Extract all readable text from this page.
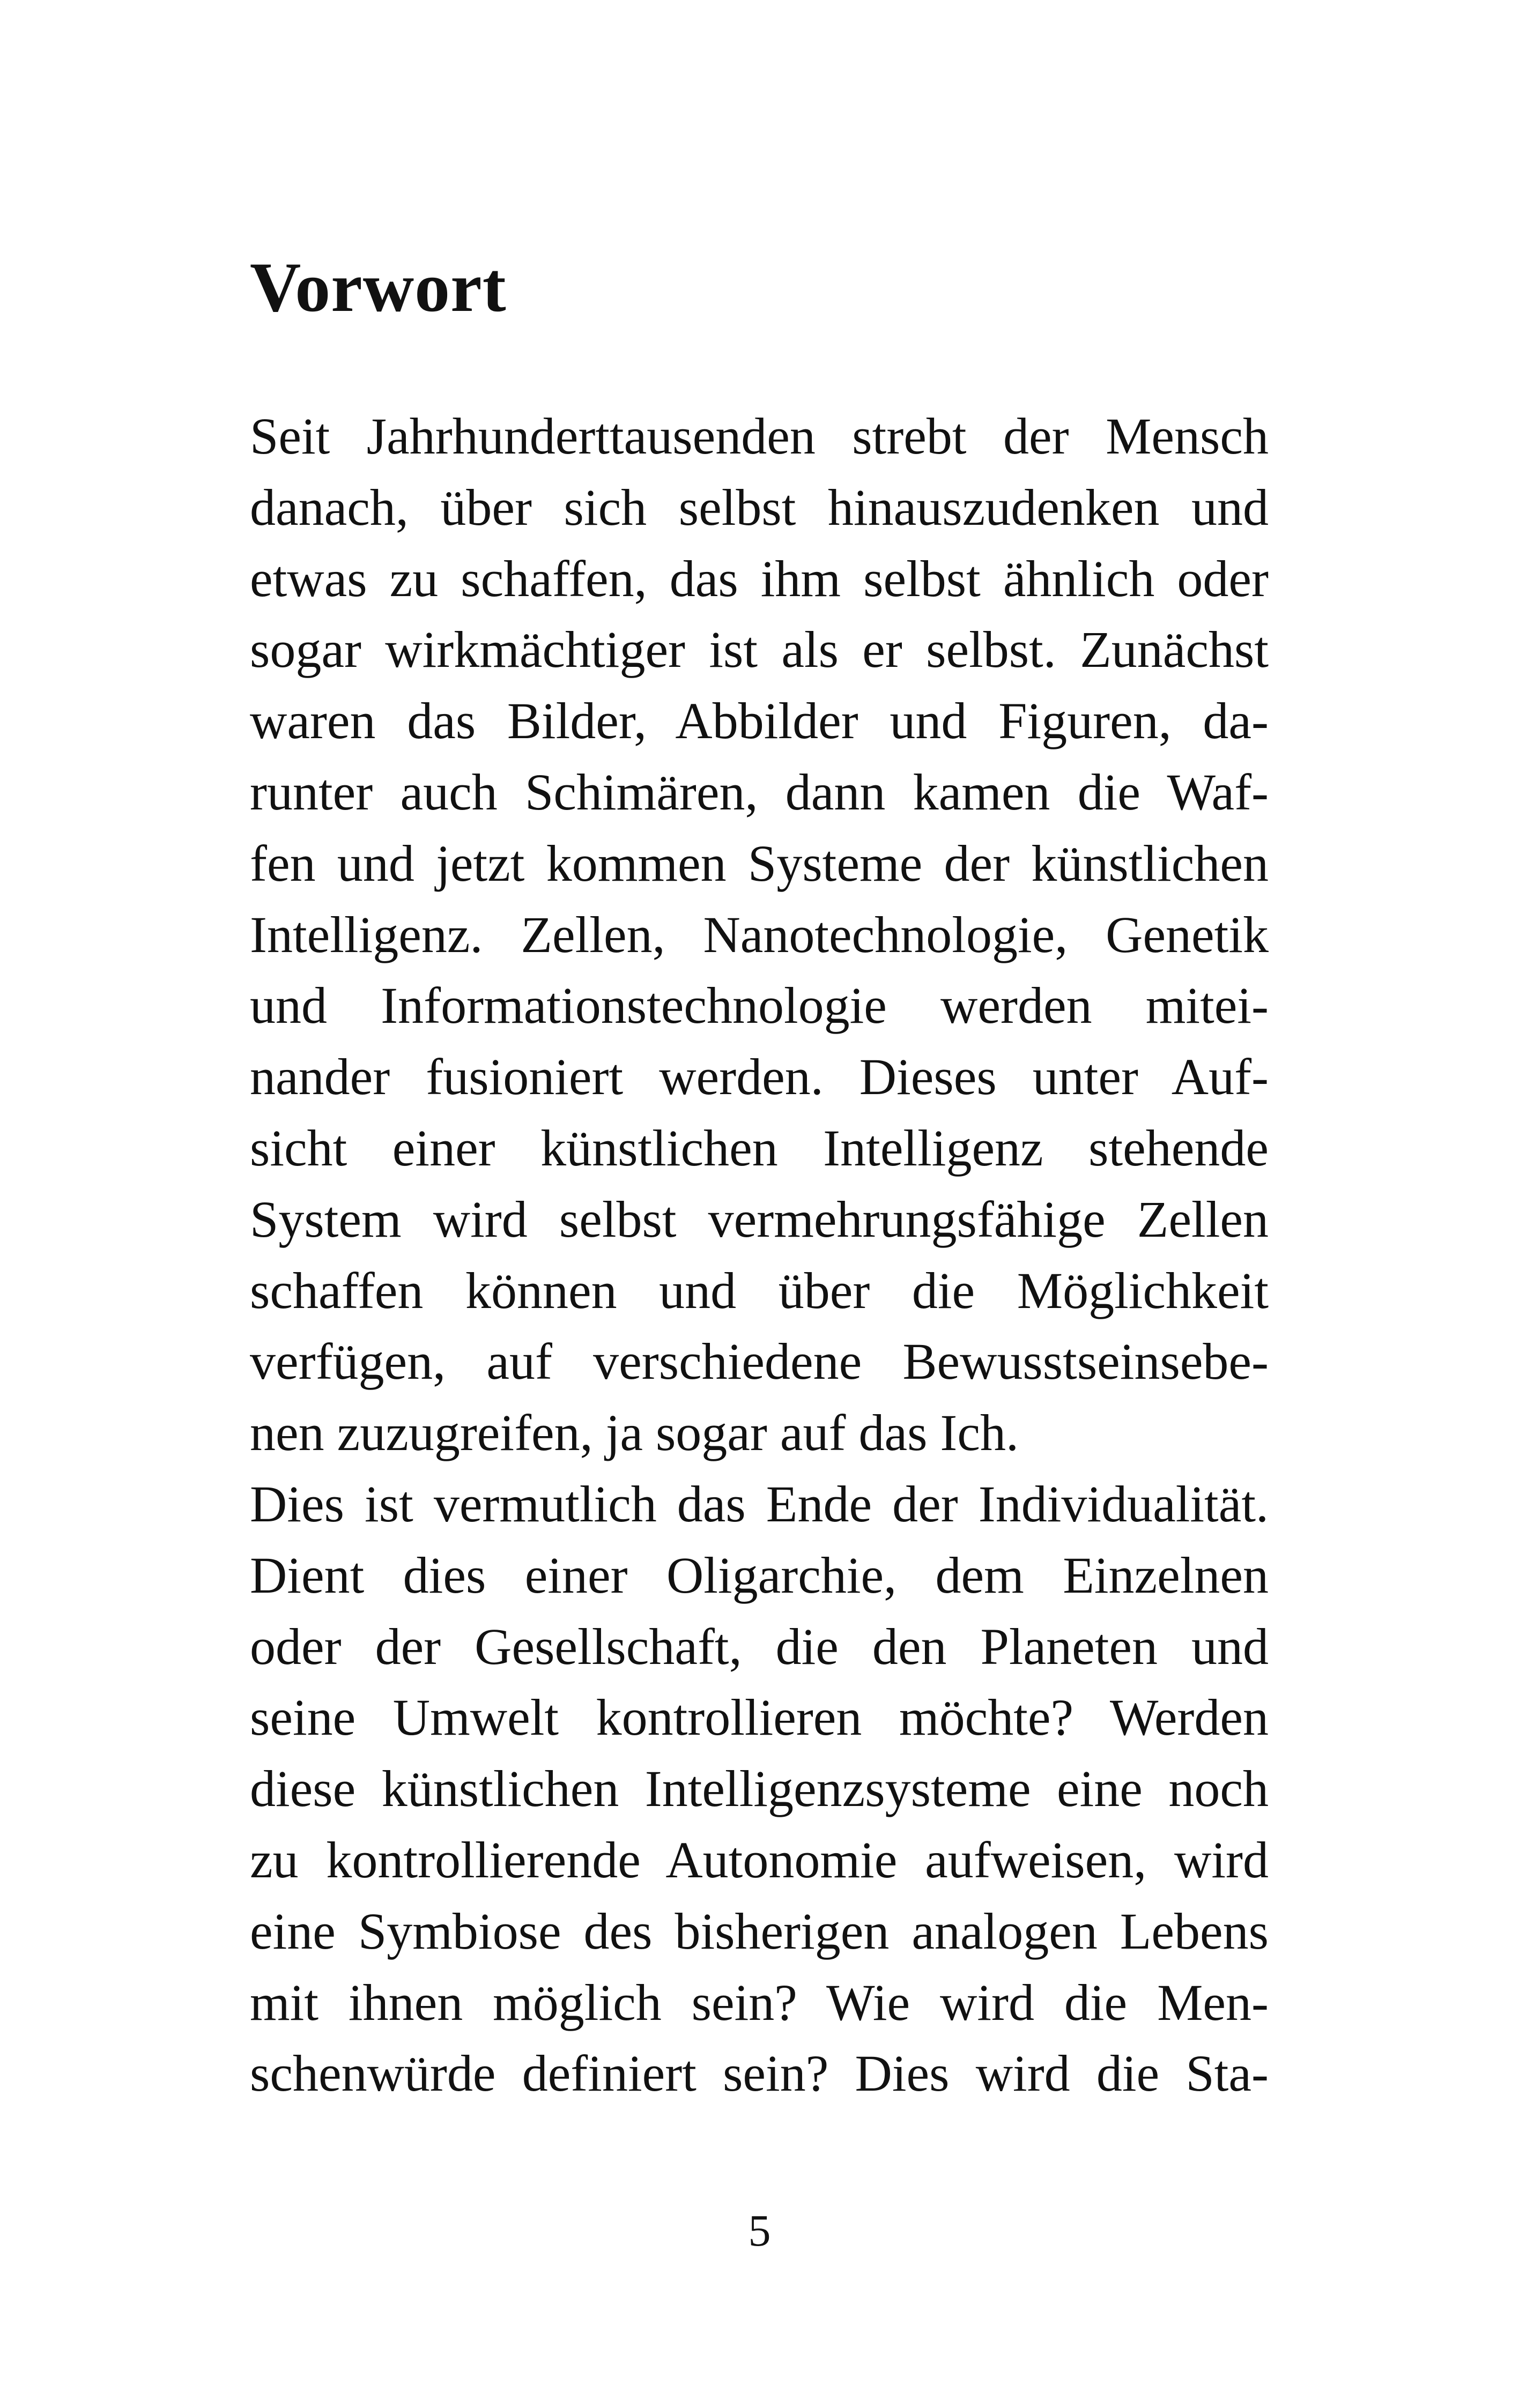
Vorwort
Seit Jahrhunderttausenden strebt der Mensch
danach, über sich selbst hinauszudenken und
etwas zu schaffen, das ihm selbst ähnlich oder
sogar wirkmächtiger ist als er selbst. Zunächst
waren das Bilder, Abbilder und Figuren, da-
runter auch Schimären, dann kamen die Waf-
fen und jetzt kommen Systeme der künstlichen
Intelligenz. Zellen, Nanotechnologie, Genetik
und Informationstechnologie werden mitei-
nander fusioniert werden. Dieses unter Auf-
sicht einer künstlichen Intelligenz stehende
System wird selbst vermehrungsfähige Zellen
schaffen können und über die Möglichkeit
verfügen, auf verschiedene Bewusstseinsebe-
nen zuzugreifen, ja sogar auf das Ich.
Dies ist vermutlich das Ende der Individualität.
Dient dies einer Oligarchie, dem Einzelnen
oder der Gesellschaft, die den Planeten und
seine Umwelt kontrollieren möchte? Werden
diese künstlichen Intelligenzsysteme eine noch
zu kontrollierende Autonomie aufweisen, wird
eine Symbiose des bisherigen analogen Lebens
mit ihnen möglich sein? Wie wird die Men-
schenwürde definiert sein? Dies wird die Sta-
5
